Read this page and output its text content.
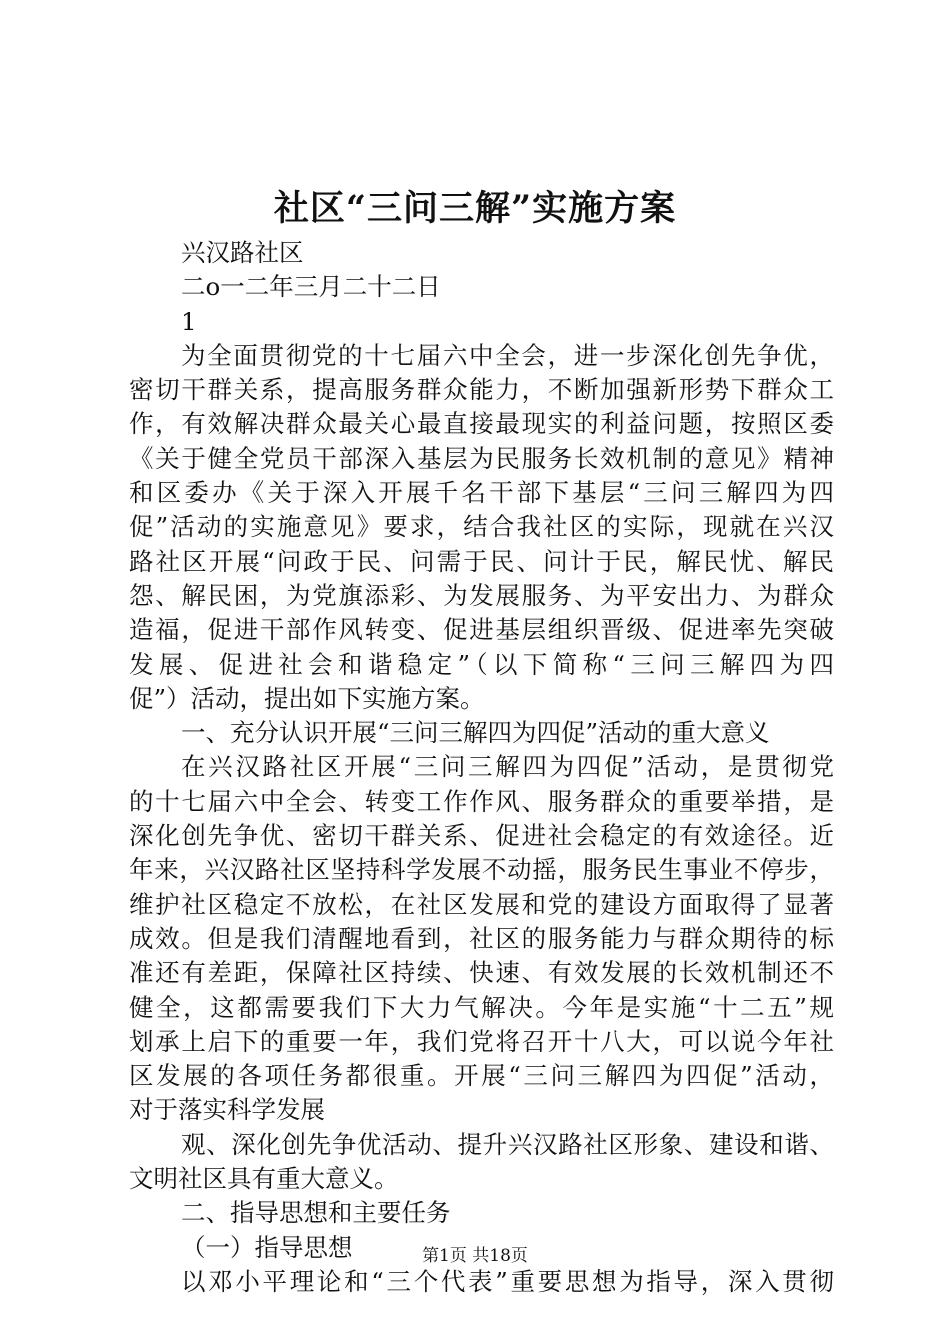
社区“三问三解”实施方案
兴汉路社区
二o一二年三月二十二日
1
为全面贯彻党的十七届六中全会，进一步深化创先争优，
密切干群关系，提高服务群众能力，不断加强新形势下群众工
作，有效解决群众最关心最直接最现实的利益问题，按照区委
《关于健全党员干部深入基层为民服务长效机制的意见》精神
和区委办《关于深入开展千名干部下基层“三问三解四为四
促”活动的实施意见》要求，结合我社区的实际，现就在兴汉
路社区开展“问政于民、问需于民、问计于民，解民忧、解民
怨、解民困，为党旗添彩、为发展服务、为平安出力、为群众
造福，促进干部作风转变、促进基层组织晋级、促进率先突破
发展、促进社会和谐稳定”（以下简称“三问三解四为四
促”）活动，提出如下实施方案。
一、充分认识开展“三问三解四为四促”活动的重大意义
在兴汉路社区开展“三问三解四为四促”活动，是贯彻党
的十七届六中全会、转变工作作风、服务群众的重要举措，是
深化创先争优、密切干群关系、促进社会稳定的有效途径。近
年来，兴汉路社区坚持科学发展不动摇，服务民生事业不停步，
维护社区稳定不放松，在社区发展和党的建设方面取得了显著
成效。但是我们清醒地看到，社区的服务能力与群众期待的标
准还有差距，保障社区持续、快速、有效发展的长效机制还不
健全，这都需要我们下大力气解决。今年是实施“十二五”规
划承上启下的重要一年，我们党将召开十八大，可以说今年社
区发展的各项任务都很重。开展“三问三解四为四促”活动，
对于落实科学发展
观、深化创先争优活动、提升兴汉路社区形象、建设和谐、
文明社区具有重大意义。
二、指导思想和主要任务
（一）指导思想
以邓小平理论和“三个代表”重要思想为指导，深入贯彻
第1页 共18页
